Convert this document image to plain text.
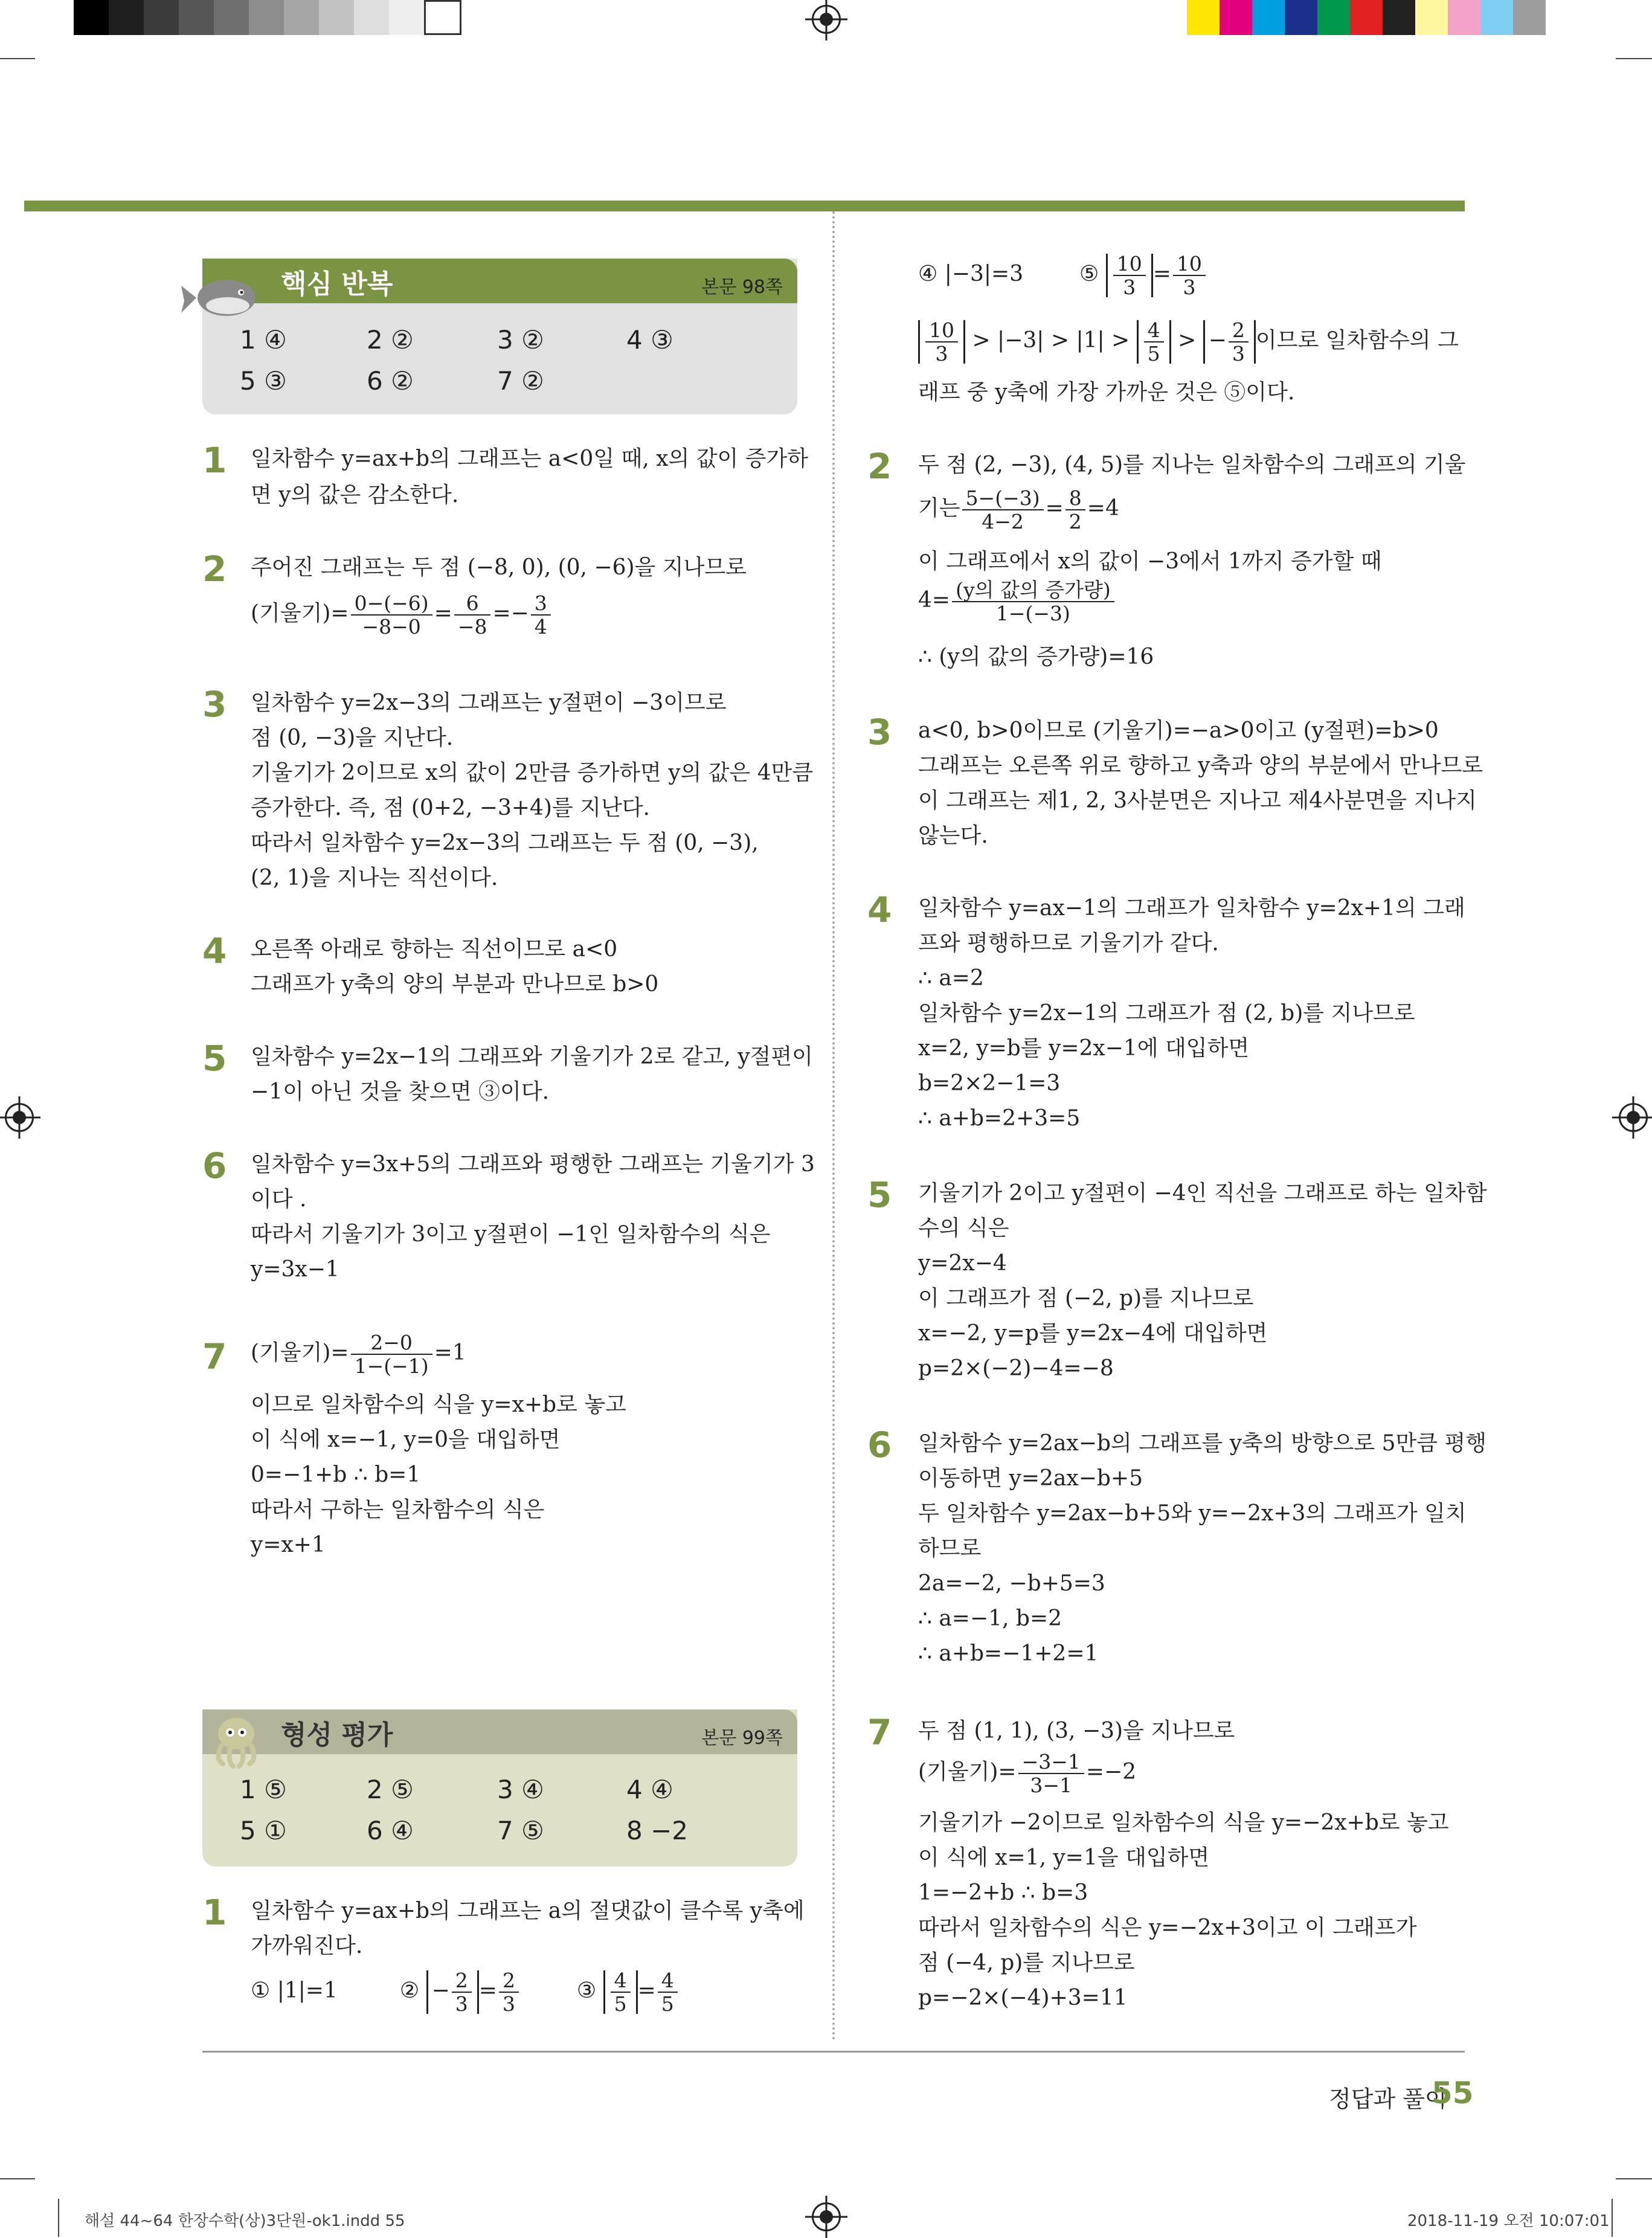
핵심 반복	본문 98쪽
1 ④	2 ②	3 ②	4 ③
5 ③	6 ②	7 ②
1 일차함수 y=ax+b의 그래프는 a<0일 때, x의 값이 증가하
면 y의 값은 감소한다.
2 주어진 그래프는 두 점 (−8, 0), (0, −6)을 지나므로
(기울기)= $\frac{0-(-6)}{-8-0} = \frac{6}{-8} =- \frac{3}{4}$
3 일차함수 y=2x−3의 그래프는 y절편이 −3이므로
점 (0, −3)을 지난다.
기울기가 2이므로 x의 값이 2만큼 증가하면 y의 값은 4만큼
증가한다. 즉, 점 (0+2, −3+4)를 지난다.
따라서 일차함수 y=2x−3의 그래프는 두 점 (0, −3),
(2, 1)을 지나는 직선이다.
4 오른쪽 아래로 향하는 직선이므로 a<0
그래프가 y축의 양의 부분과 만나므로 b>0
5 일차함수 y=2x−1의 그래프와 기울기가 2로 같고, y절편이
−1이 아닌 것을 찾으면 ③이다.
6 일차함수 y=3x+5의 그래프와 평행한 그래프는 기울기가 3
이다 .
따라서 기울기가 3이고 y절편이 −1인 일차함수의 식은
y=3x−1
7 (기울기)= $\frac{2-0}{1-(-1)} =1$
이므로 일차함수의 식을 y=x+b로 놓고
이 식에 x=−1, y=0을 대입하면
0=−1+b ∴ b=1
따라서 구하는 일차함수의 식은
y=x+1
형성 평가	본문 99쪽
1 ⑤	2 ⑤	3 ④	4 ④
5 ①	6 ④	7 ⑤	8 −2
1 일차함수 y=ax+b의 그래프는 a의 절댓값이 클수록 y축에
가까워진다.
① |1|=1	② − $\frac{2}{3} = \frac{2}{3}$	③ $\frac{4}{5} = \frac{4}{5}$
④ |−3|=3	⑤ $\frac{10}{3} = \frac{10}{3}$
$\frac{10}{3} > |-3| > |1| > \frac{4}{5}$ > − $\frac{2}{3}$ 이므로 일차함수의 그
래프 중 y축에 가장 가까운 것은 ⑤이다.
2 두 점 (2, −3), (4, 5)를 지나는 일차함수의 그래프의 기울
기는 $\frac{5-(-3)}{4-2} = \frac{8}{2} =4$
이 그래프에서 x의 값이 −3에서 1까지 증가할 때
$4= \frac{\text{(y의 값의 증가량)}}{1-(-3)}$
∴ (y의 값의 증가량)=16
3 a<0, b>0이므로 (기울기)=−a>0이고 (y절편)=b>0
그래프는 오른쪽 위로 향하고 y축과 양의 부분에서 만나므로
이 그래프는 제1, 2, 3사분면은 지나고 제4사분면을 지나지
않는다.
4 일차함수 y=ax−1의 그래프가 일차함수 y=2x+1의 그래
프와 평행하므로 기울기가 같다.
∴ a=2
일차함수 y=2x−1의 그래프가 점 (2, b)를 지나므로
x=2, y=b를 y=2x−1에 대입하면
b=2×2−1=3
∴ a+b=2+3=5
5 기울기가 2이고 y절편이 −4인 직선을 그래프로 하는 일차함
수의 식은
y=2x−4
이 그래프가 점 (−2, p)를 지나므로
x=−2, y=p를 y=2x−4에 대입하면
p=2×(−2)−4=−8
6 일차함수 y=2ax−b의 그래프를 y축의 방향으로 5만큼 평행
이동하면 y=2ax−b+5
두 일차함수 y=2ax−b+5와 y=−2x+3의 그래프가 일치
하므로
2a=−2, −b+5=3
∴ a=−1, b=2
∴ a+b=−1+2=1
7 두 점 (1, 1), (3, −3)을 지나므로
(기울기)= $\frac{-3-1}{3-1} =-2$
기울기가 −2이므로 일차함수의 식을 y=−2x+b로 놓고
이 식에 x=1, y=1을 대입하면
1=−2+b ∴ b=3
따라서 일차함수의 식은 y=−2x+3이고 이 그래프가
점 (−4, p)를 지나므로
p=−2×(−4)+3=11
정답과 풀이
55
해설 44~64 한장수학(상)3단원-ok1.indd 55	2018-11-19 오전 10:07:01
